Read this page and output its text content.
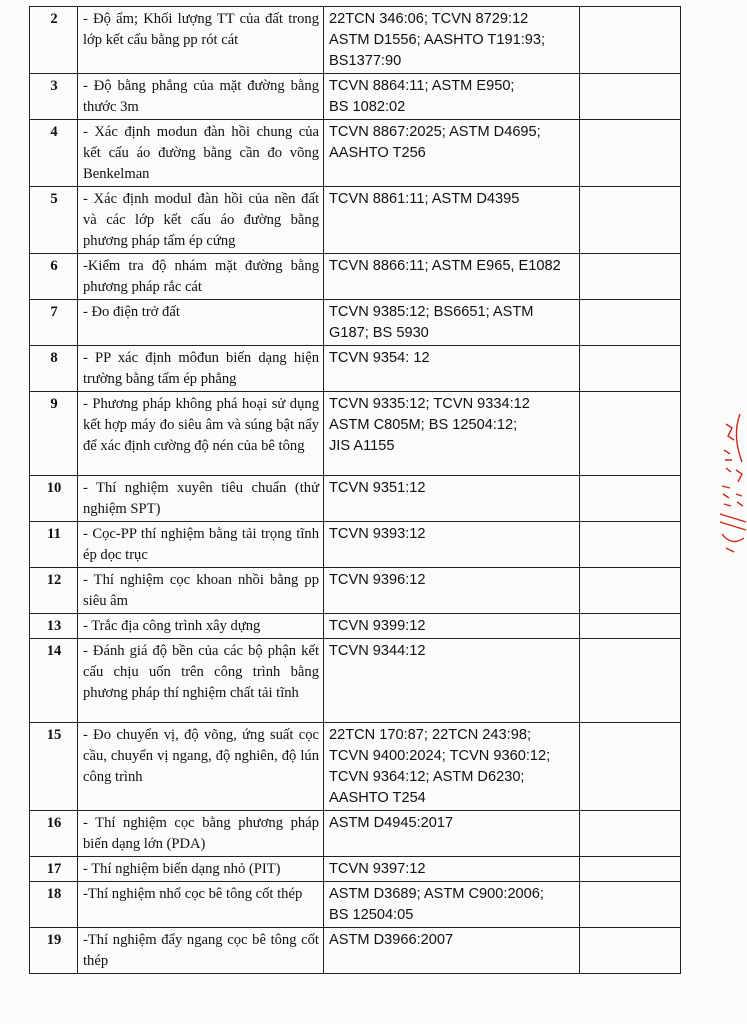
2	- Độ ẩm; Khối lượng TT của đất trong lớp kết cấu bằng pp rót cát	22TCN 346:06; TCVN 8729:12
ASTM D1556; AASHTO T191:93;
BS1377:90	

3	- Độ bằng phẳng của mặt đường bằng thước 3m	TCVN 8864:11; ASTM E950;
BS 1082:02	

4	- Xác định modun đàn hồi chung của kết cấu áo đường bằng cần đo võng Benkelman	TCVN 8867:2025; ASTM D4695;
AASHTO T256	

5	- Xác định modul đàn hồi của nền đất và các lớp kết cấu áo đường bằng phương pháp tấm ép cứng	TCVN 8861:11; ASTM D4395	

6	-Kiểm tra độ nhám mặt đường bằng phương pháp rắc cát	TCVN 8866:11; ASTM E965, E1082	

7	- Đo điện trở đất	TCVN 9385:12; BS6651; ASTM
G187; BS 5930	

8	- PP xác định môđun biến dạng hiện trường bằng tấm ép phẳng	TCVN 9354: 12	

9	- Phương pháp không phá hoại sử dụng kết hợp máy đo siêu âm và súng bật nẩy để xác định cường độ nén của bê tông	TCVN 9335:12; TCVN 9334:12
ASTM C805M; BS 12504:12;
JIS A1155	

10	- Thí nghiệm xuyên tiêu chuẩn (thử nghiệm SPT)	TCVN 9351:12	

11	- Cọc-PP thí nghiệm bằng tải trọng tĩnh ép dọc trục	TCVN 9393:12	

12	- Thí nghiệm cọc khoan nhồi bằng pp siêu âm	TCVN 9396:12	

13	- Trắc địa công trình xây dựng	TCVN 9399:12	

14	- Đánh giá độ bền của các bộ phận kết cấu chịu uốn trên công trình bằng phương pháp thí nghiệm chất tải tĩnh	TCVN 9344:12	

15	- Đo chuyển vị, độ võng, ứng suất cọc cầu, chuyển vị ngang, độ nghiên, độ lún công trình	22TCN 170:87; 22TCN 243:98;
TCVN 9400:2024; TCVN 9360:12;
TCVN 9364:12; ASTM D6230;
AASHTO T254	

16	- Thí nghiệm cọc bằng phương pháp biến dạng lớn (PDA)	ASTM D4945:2017	

17	- Thí nghiệm biến dạng nhỏ (PIT)	TCVN 9397:12	

18	-Thí nghiệm nhổ cọc bê tông cốt thép	ASTM D3689; ASTM C900:2006;
BS 12504:05	

19	-Thí nghiệm đẩy ngang cọc bê tông cốt thép	ASTM D3966:2007	
